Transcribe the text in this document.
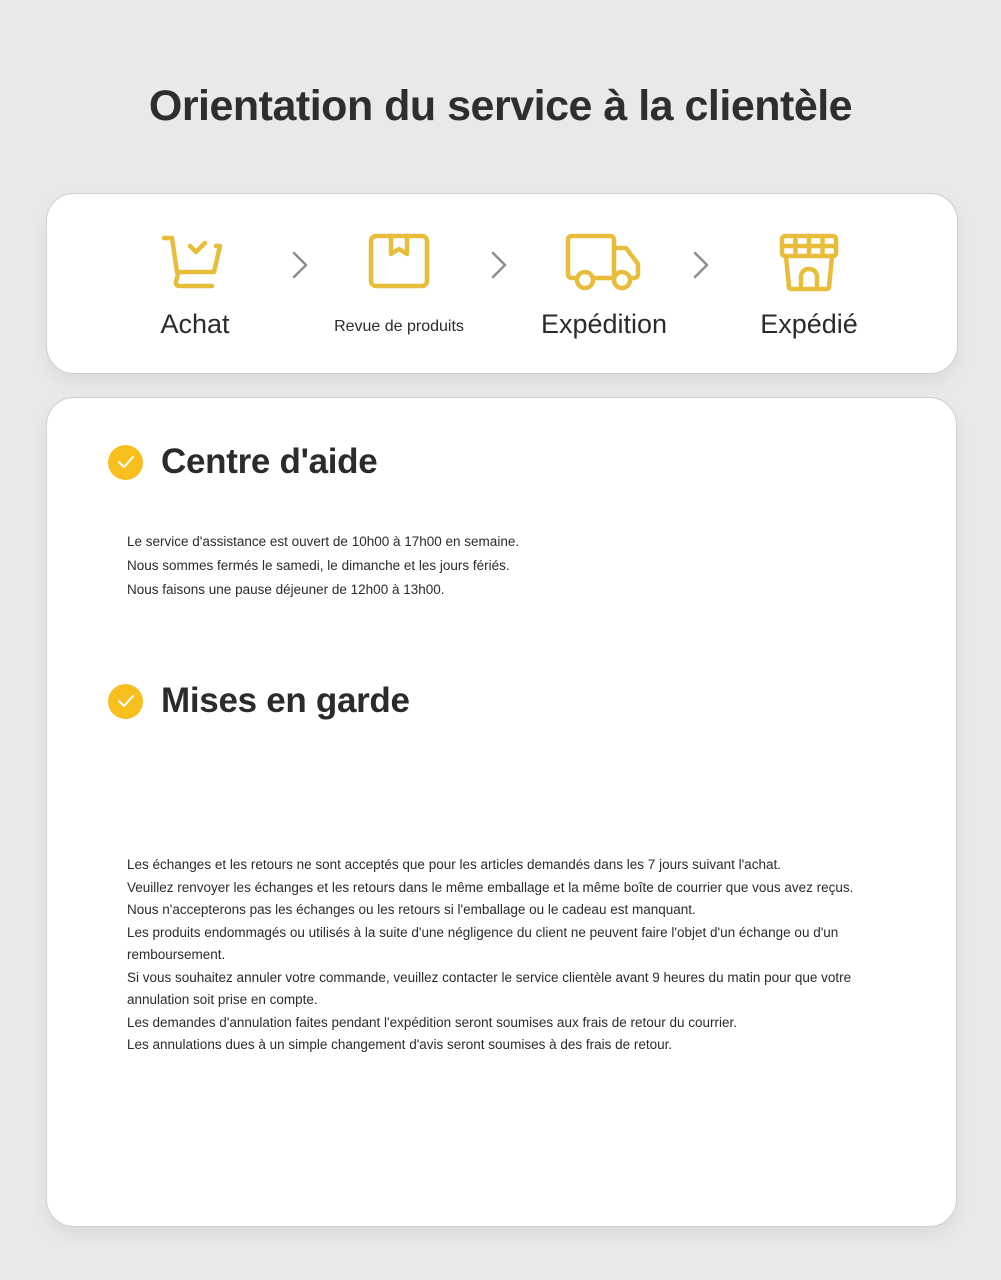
Orientation du service à la clientèle
Achat	Revue de produits	Expédition	Expédié
Centre d'aide
Le service d'assistance est ouvert de 10h00 à 17h00 en semaine.
Nous sommes fermés le samedi, le dimanche et les jours fériés.
Nous faisons une pause déjeuner de 12h00 à 13h00.
Mises en garde
Les échanges et les retours ne sont acceptés que pour les articles demandés dans les 7 jours suivant l'achat.
Veuillez renvoyer les échanges et les retours dans le même emballage et la même boîte de courrier que vous avez reçus. Nous n'accepterons pas les échanges ou les retours si l'emballage ou le cadeau est manquant.
Les produits endommagés ou utilisés à la suite d'une négligence du client ne peuvent faire l'objet d'un échange ou d'un remboursement.
Si vous souhaitez annuler votre commande, veuillez contacter le service clientèle avant 9 heures du matin pour que votre annulation soit prise en compte.
Les demandes d'annulation faites pendant l'expédition seront soumises aux frais de retour du courrier.
Les annulations dues à un simple changement d'avis seront soumises à des frais de retour.
